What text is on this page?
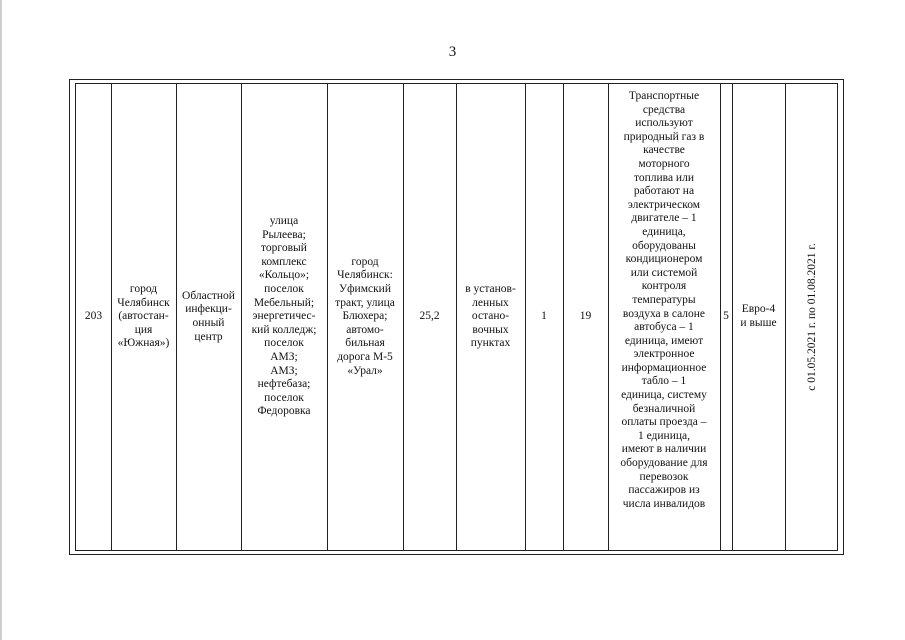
3
203
город
Челябинск
(автостан-
ция
«Южная»)
Областной
инфекци-
онный
центр
улица
Рылеева;
торговый
комплекс
«Кольцо»;
поселок
Мебельный;
энергетичес-
кий колледж;
поселок
АМЗ;
АМЗ;
нефтебаза;
поселок
Федоровка
город
Челябинск:
Уфимский
тракт, улица
Блюхера;
автомо-
бильная
дорога М-5
«Урал»
25,2
в установ-
ленных
остано-
вочных
пунктах
1	19
Транспортные
средства
используют
природный газ в
качестве
моторного
топлива или
работают на
электрическом
двигателе – 1
единица,
оборудованы
кондиционером
или системой
контроля
температуры
воздуха в салоне
автобуса – 1
единица, имеют
электронное
информационное
табло – 1
единица, систему
безналичной
оплаты проезда –
1 единица,
имеют в наличии
оборудование для
перевозок
пассажиров из
числа инвалидов
5
Евро-4
и выше	с 01.05.2021 г. по 01.08.2021 г.
